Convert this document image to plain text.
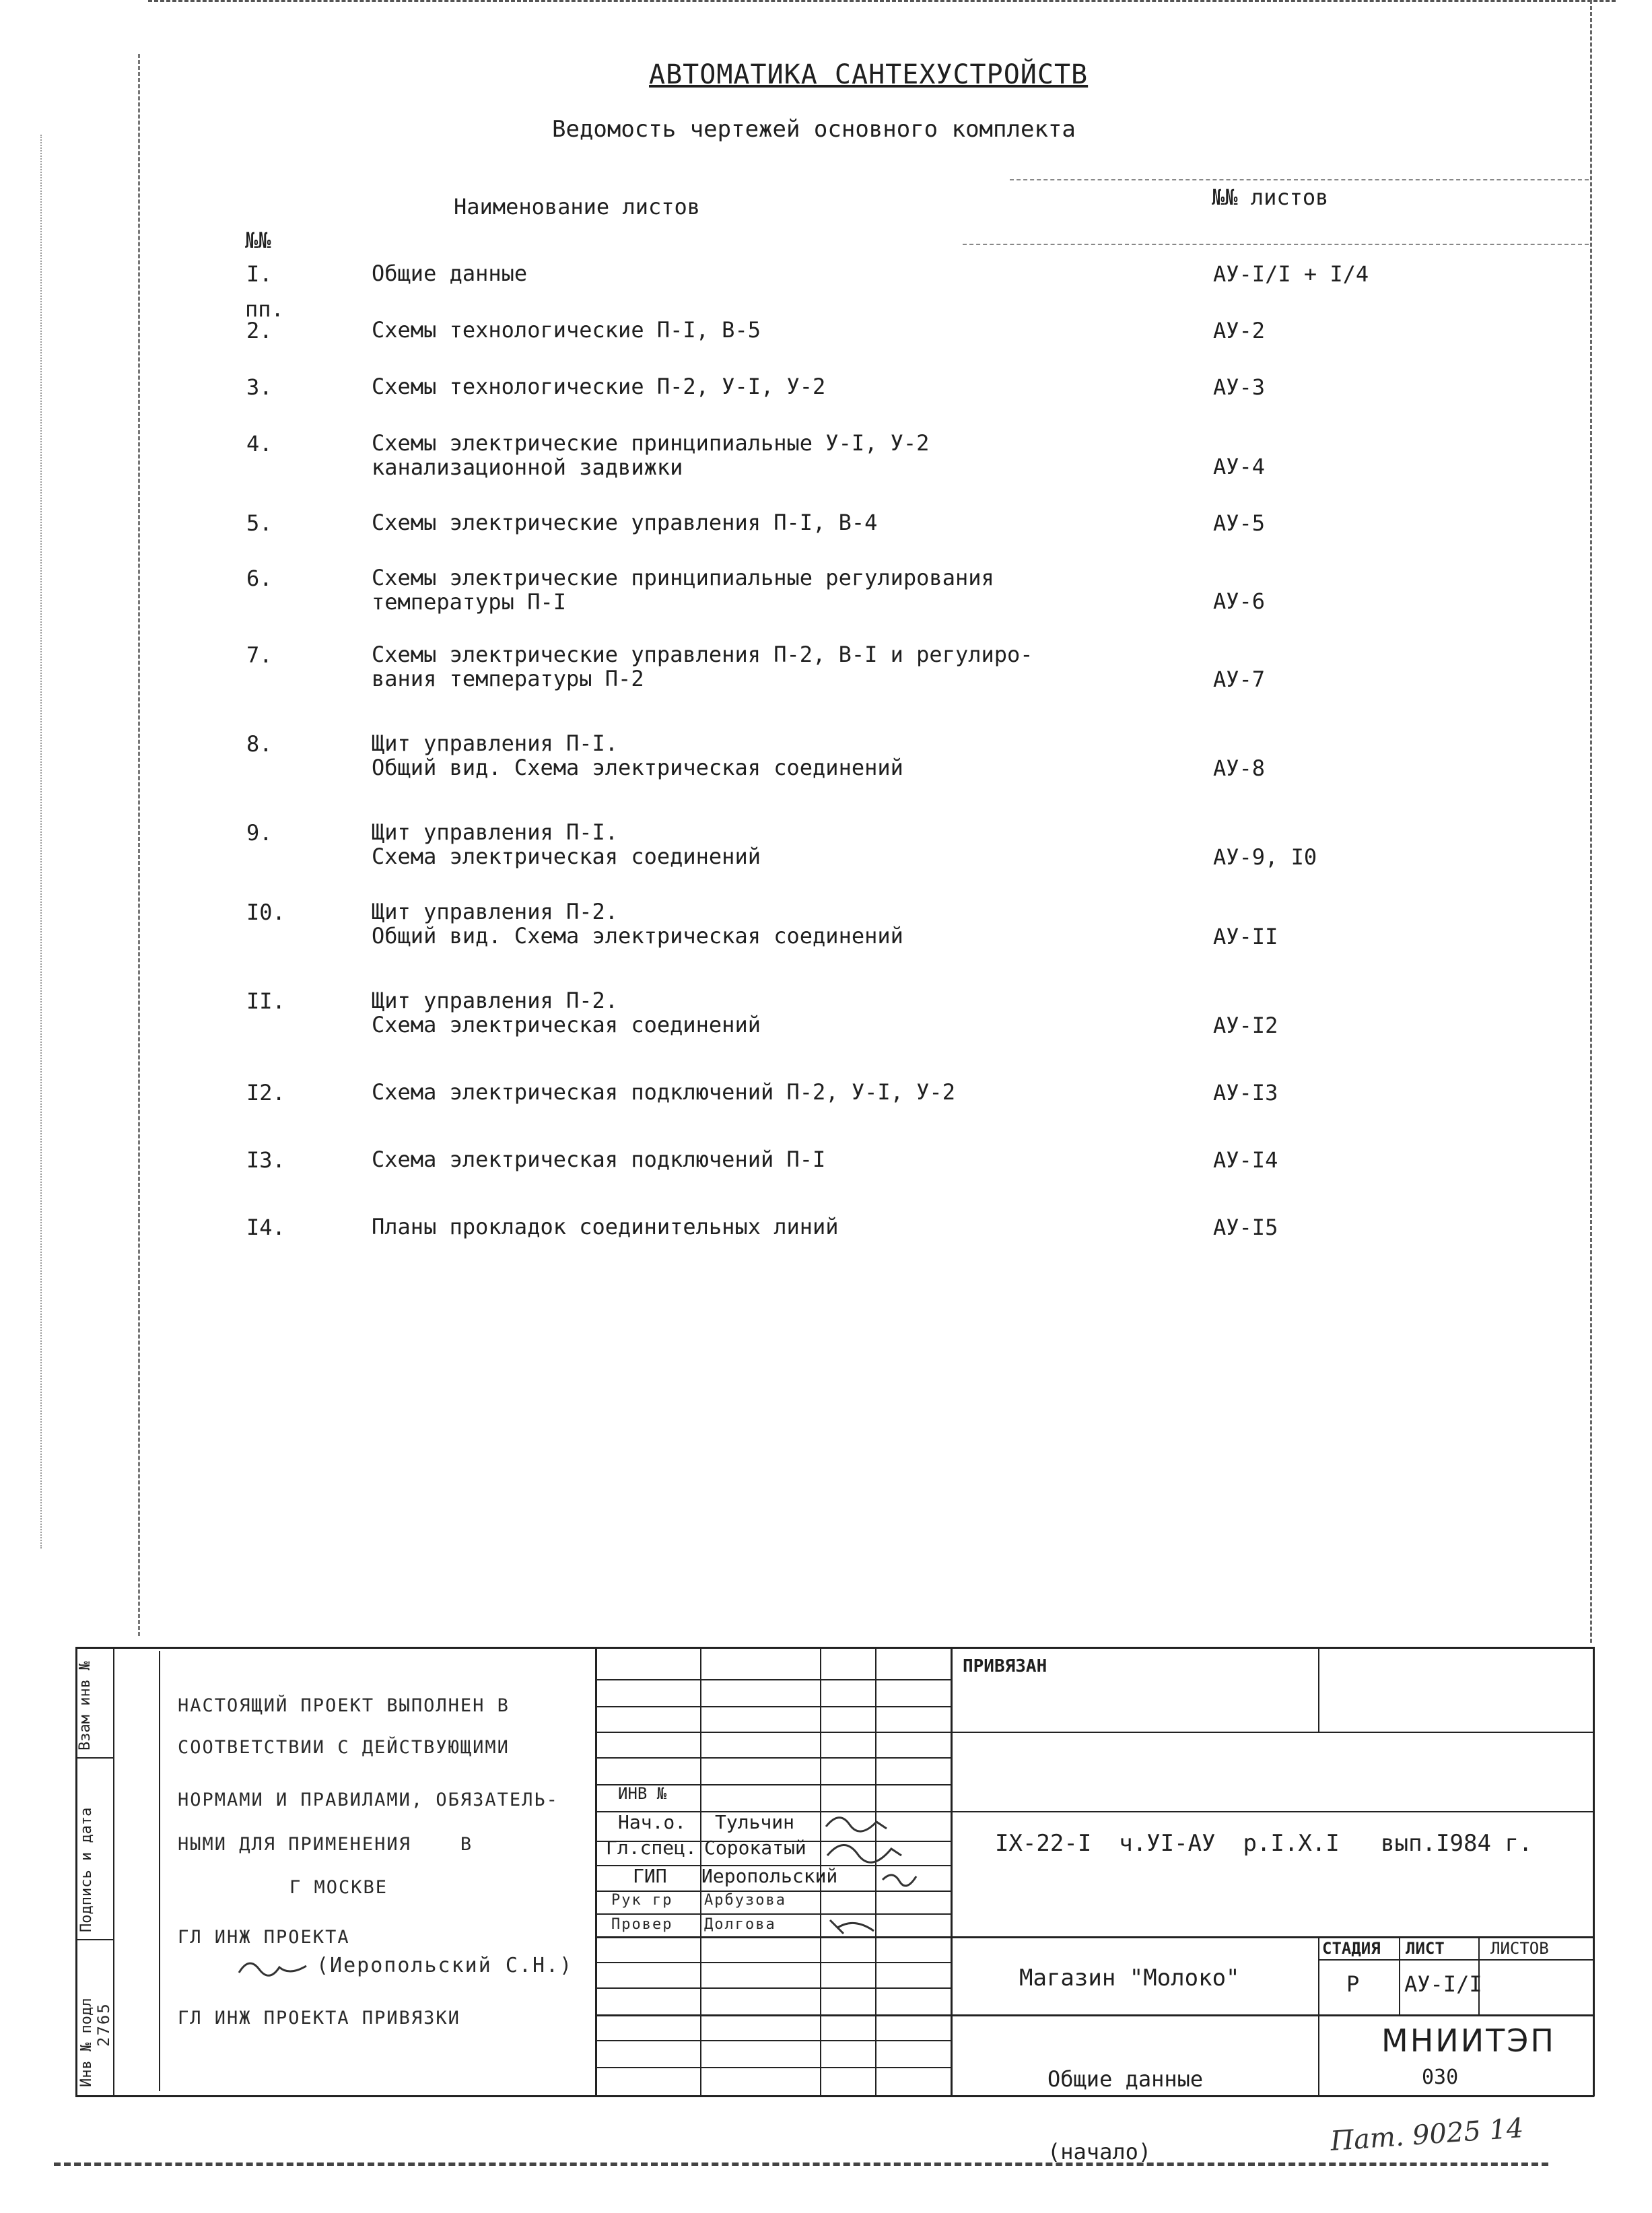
АВТОМАТИКА САНТЕХУСТРОЙСТВ
Ведомость чертежей основного комплекта

№№

пп.

Наименование листов	№№ листов
I.	Общие данные	АУ-I/I + I/4
2.	Схемы технологические П-I, В-5	АУ-2
3.	Схемы технологические П-2, У-I, У-2	АУ-3
4.	Схемы электрические принципиальные У-I, У-2
канализационной задвижки	АУ-4
5.	Схемы электрические управления П-I, В-4	АУ-5
6.	Схемы электрические принципиальные регулирования
температуры П-I	АУ-6
7.	Схемы электрические управления П-2, В-I и регулиро-
вания температуры П-2	АУ-7
8.	Щит управления П-I.
Общий вид. Схема электрическая соединений	АУ-8
9.	Щит управления П-I.
Схема электрическая соединений	АУ-9, I0
I0.	Щит управления П-2.
Общий вид. Схема электрическая соединений	АУ-II
II.	Щит управления П-2.
Схема электрическая соединений	АУ-I2
I2.	Схема электрическая подключений П-2, У-I, У-2	АУ-I3
I3.	Схема электрическая подключений П-I	АУ-I4
I4.	Планы прокладок соединительных линий	АУ-I5
Взам инв №
Подпись и дата
Инв № подл 2765
НАСТОЯЩИЙ ПРОЕКТ ВЫПОЛНЕН В
СООТВЕТСТВИИ С ДЕЙСТВУЮЩИМИ
НОРМАМИ И ПРАВИЛАМИ, ОБЯЗАТЕЛЬ-
НЫМИ ДЛЯ ПРИМЕНЕНИЯ    В
Г МОСКВЕ
ГЛ ИНЖ ПРОЕКТА
(Иеропольский С.Н.)
ГЛ ИНЖ ПРОЕКТА ПРИВЯЗКИ
ПРИВЯЗАН
ИНВ №
Нач.о. Тульчин
Гл.спец. Сорокатый
ГИП Иеропольский
Рук гр Арбузова
Провер Долгова
IX-22-I  ч.УI-АУ  р.I.X.I   вып.I984 г.
СТАДИЯ ЛИСТ	ЛИСТОВ
Р АУ-I/I
Магазин "Молоко"

Общие данные

(начало)

МНИИТЭП
030
Пат. 9025 14
